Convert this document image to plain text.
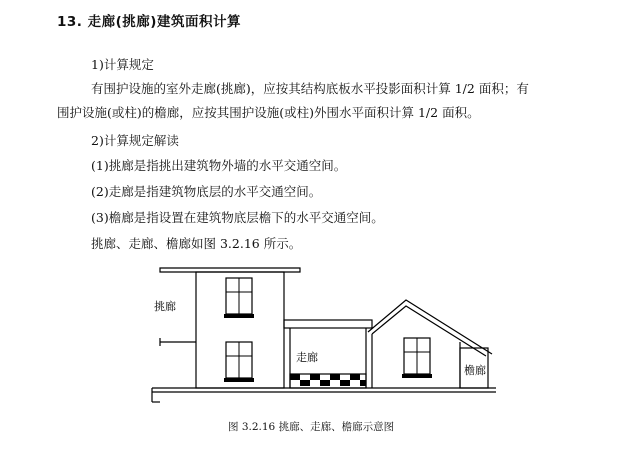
13. 走廊(挑廊)建筑面积计算
1)计算规定
有围护设施的室外走廊(挑廊)，应按其结构底板水平投影面积计算 1/2 面积；有
围护设施(或柱)的檐廊，应按其围护设施(或柱)外围水平面积计算 1/2 面积。
2)计算规定解读
(1)挑廊是指挑出建筑物外墙的水平交通空间。
(2)走廊是指建筑物底层的水平交通空间。
(3)檐廊是指设置在建筑物底层檐下的水平交通空间。
挑廊、走廊、檐廊如图 3.2.16 所示。
挑廊
走廊
檐廊
图 3.2.16 挑廊、走廊、檐廊示意图
